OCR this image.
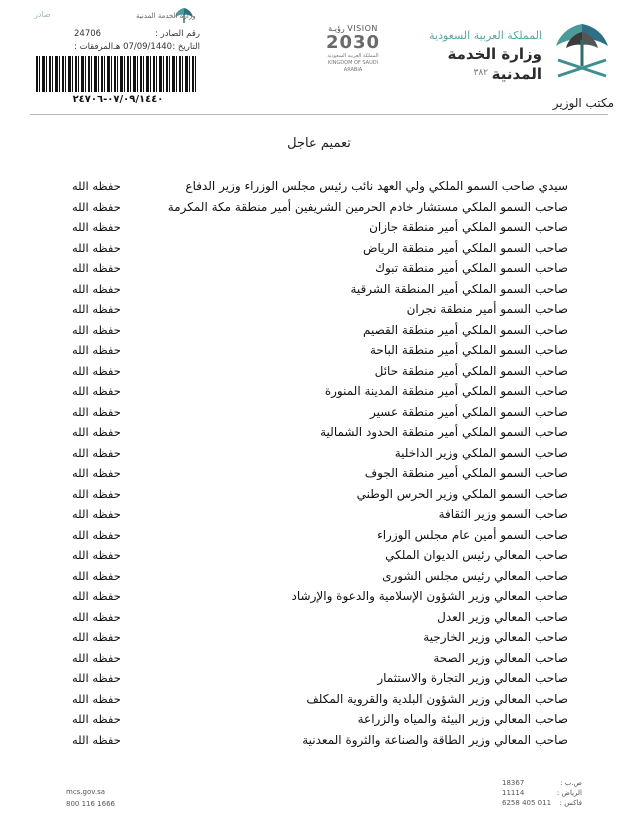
المملكة العربية السعودية
وزارة الخدمة المدنية
٣٨٢
مكتب الوزير
رؤيـة VISION
2030
المملكة العربية السعودية KINGDOM OF SAUDI ARABIA
وزارة الخدمة المدنية
صادر
رقم الصادر :
24706
التاريخ :
07/09/1440 هـ
المرفقات :
٠٧/٠٩/١٤٤٠-٢٤٧٠٦
تعميم عاجل
سيدي صاحب السمو الملكي ولي العهد نائب رئيس مجلس الوزراء وزير الدفاع
حفظه الله
صاحب السمو الملكي مستشار خادم الحرمين الشريفين أمير منطقة مكة المكرمة
حفظه الله
صاحب السمو الملكي أمير منطقة جازان
حفظه الله
صاحب السمو الملكي أمير منطقة الرياض
حفظه الله
صاحب السمو الملكي أمير منطقة تبوك
حفظه الله
صاحب السمو الملكي أمير المنطقة الشرقية
حفظه الله
صاحب السمو أمير منطقة نجران
حفظه الله
صاحب السمو الملكي أمير منطقة القصيم
حفظه الله
صاحب السمو الملكي أمير منطقة الباحة
حفظه الله
صاحب السمو الملكي أمير منطقة حائل
حفظه الله
صاحب السمو الملكي أمير منطقة المدينة المنورة
حفظه الله
صاحب السمو الملكي أمير منطقة عسير
حفظه الله
صاحب السمو الملكي أمير منطقة الحدود الشمالية
حفظه الله
صاحب السمو الملكي وزير الداخلية
حفظه الله
صاحب السمو الملكي أمير منطقة الجوف
حفظه الله
صاحب السمو الملكي وزير الحرس الوطني
حفظه الله
صاحب السمو وزير الثقافة
حفظه الله
صاحب السمو أمين عام مجلس الوزراء
حفظه الله
صاحب المعالي رئيس الديوان الملكي
حفظه الله
صاحب المعالي رئيس مجلس الشورى
حفظه الله
صاحب المعالي وزير الشؤون الإسلامية والدعوة والإرشاد
حفظه الله
صاحب المعالي وزير العدل
حفظه الله
صاحب المعالي وزير الخارجية
حفظه الله
صاحب المعالي وزير الصحة
حفظه الله
صاحب المعالي وزير التجارة والاستثمار
حفظه الله
صاحب المعالي وزير الشؤون البلدية والقروية المكلف
حفظه الله
صاحب المعالي وزير البيئة والمياه والزراعة
حفظه الله
صاحب المعالي وزير الطاقة والصناعة والثروة المعدنية
حفظه الله
mcs.gov.sa
800 116 1666
ص.ب :
18367
الرياض :
11114
فاكس :
011 405 6258
